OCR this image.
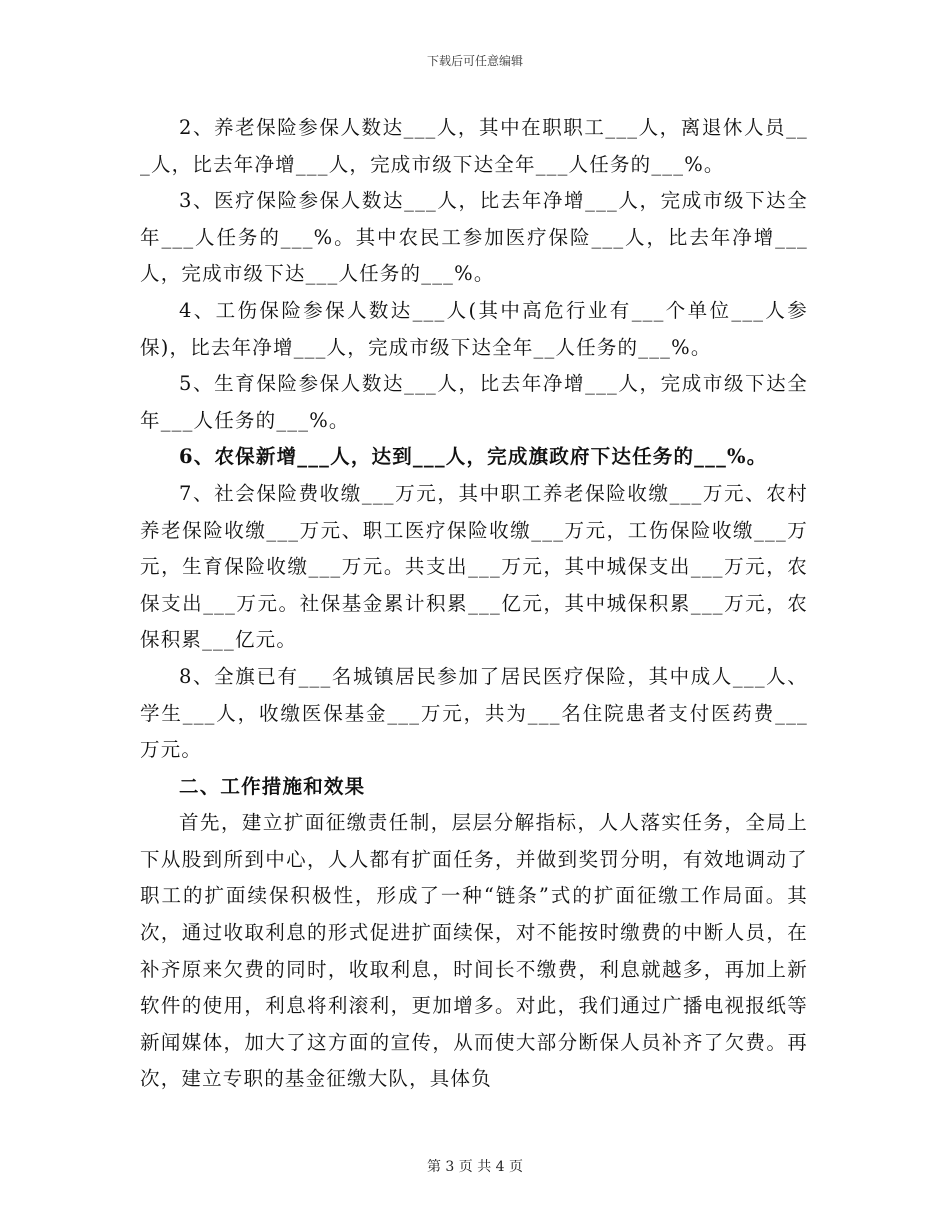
下载后可任意编辑

2、养老保险参保人数达___人，其中在职职工___人，离退休人员___人，比去年净增___人，完成市级下达全年___人任务的___%。

3、医疗保险参保人数达___人，比去年净增___人，完成市级下达全年___人任务的___%。其中农民工参加医疗保险___人，比去年净增___人，完成市级下达___人任务的___%。

4、工伤保险参保人数达___人(其中高危行业有___个单位___人参保)，比去年净增___人，完成市级下达全年__人任务的___%。

5、生育保险参保人数达___人，比去年净增___人，完成市级下达全年___人任务的___%。

6、农保新增___人，达到___人，完成旗政府下达任务的___%。

7、社会保险费收缴___万元，其中职工养老保险收缴___万元、农村养老保险收缴___万元、职工医疗保险收缴___万元，工伤保险收缴___万元，生育保险收缴___万元。共支出___万元，其中城保支出___万元，农保支出___万元。社保基金累计积累___亿元，其中城保积累___万元，农保积累___亿元。

8、全旗已有___名城镇居民参加了居民医疗保险，其中成人___人、学生___人，收缴医保基金___万元，共为___名住院患者支付医药费___万元。

二、工作措施和效果

首先，建立扩面征缴责任制，层层分解指标，人人落实任务，全局上下从股到所到中心，人人都有扩面任务，并做到奖罚分明，有效地调动了职工的扩面续保积极性，形成了一种“链条”式的扩面征缴工作局面。其次，通过收取利息的形式促进扩面续保，对不能按时缴费的中断人员，在补齐原来欠费的同时，收取利息，时间长不缴费，利息就越多，再加上新软件的使用，利息将利滚利，更加增多。对此，我们通过广播电视报纸等新闻媒体，加大了这方面的宣传，从而使大部分断保人员补齐了欠费。再次，建立专职的基金征缴大队，具体负

第 3 页 共 4 页
